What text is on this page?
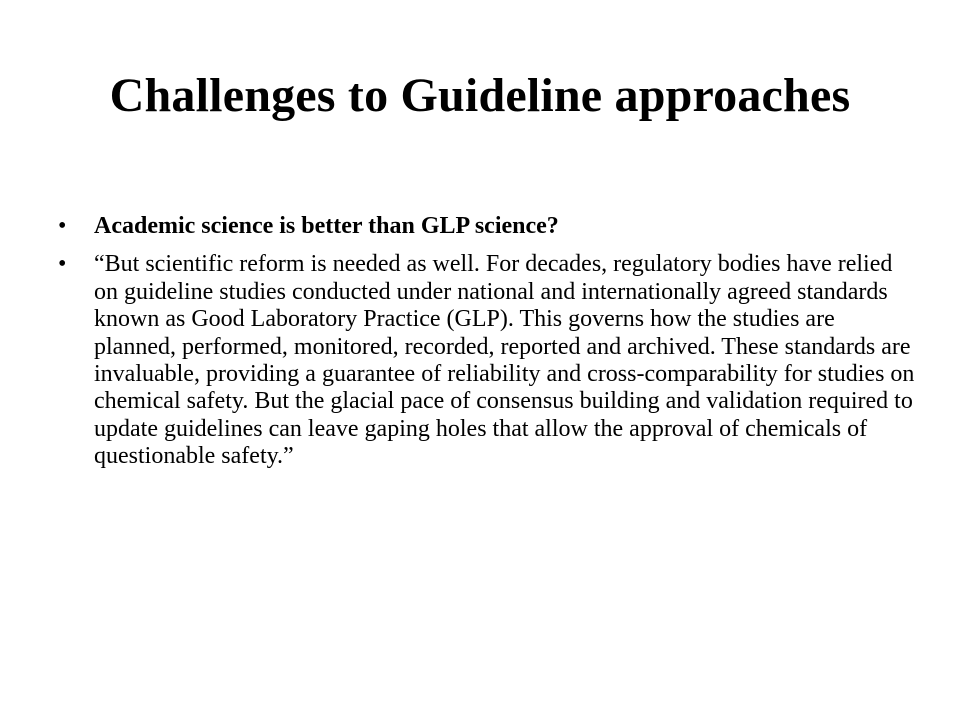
Challenges to Guideline approaches
•	Academic science is better than GLP science?
•	“But scientific reform is needed as well. For decades, regulatory bodies have relied on guideline studies conducted under national and internationally agreed standards known as Good Laboratory Practice (GLP). This governs how the studies are planned, performed, monitored, recorded, reported and archived. These standards are invaluable, providing a guarantee of reliability and cross-comparability for studies on chemical safety. But the glacial pace of consensus building and validation required to update guidelines can leave gaping holes that allow the approval of chemicals of questionable safety.”
